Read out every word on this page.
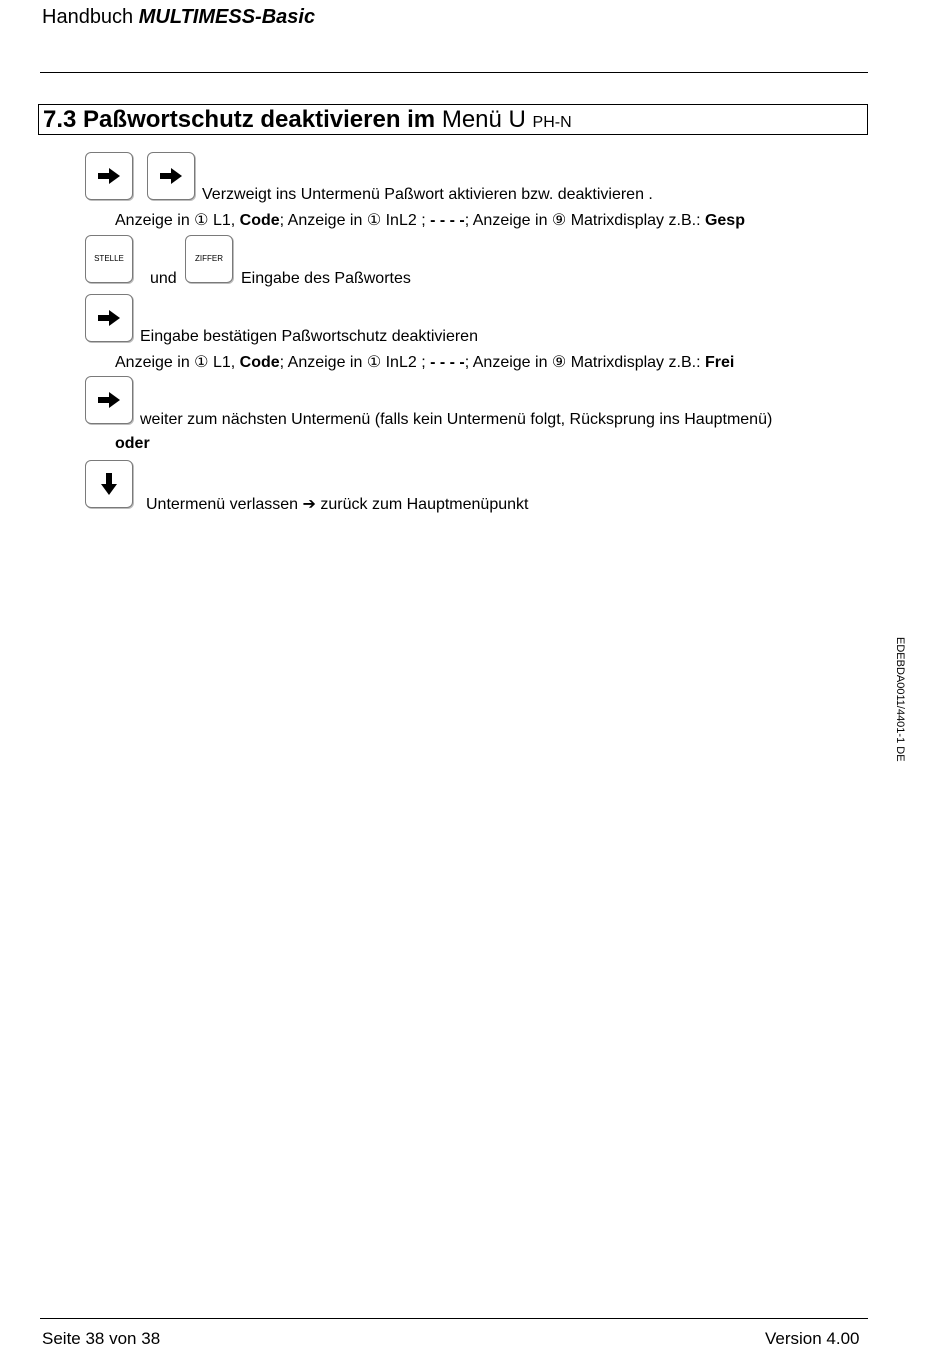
Handbuch MULTIMESS-Basic
7.3 Paßwortschutz deaktivieren im Menü U PH-N
Verzweigt ins Untermenü Paßwort aktivieren bzw. deaktivieren .
Anzeige in ① L1, Code; Anzeige in ① InL2 ; - - - -; Anzeige in ⑨ Matrixdisplay z.B.: Gesp
STELLE
und
ZIFFER
Eingabe des Paßwortes
Eingabe bestätigen Paßwortschutz deaktivieren
Anzeige in ① L1, Code; Anzeige in ① InL2 ; - - - -; Anzeige in ⑨ Matrixdisplay z.B.: Frei
weiter zum nächsten Untermenü (falls kein Untermenü folgt, Rücksprung ins Hauptmenü)
oder
Untermenü verlassen ➔ zurück zum Hauptmenüpunkt
EDEBDA0011/4401-1 DE
Seite 38 von 38	Version 4.00
